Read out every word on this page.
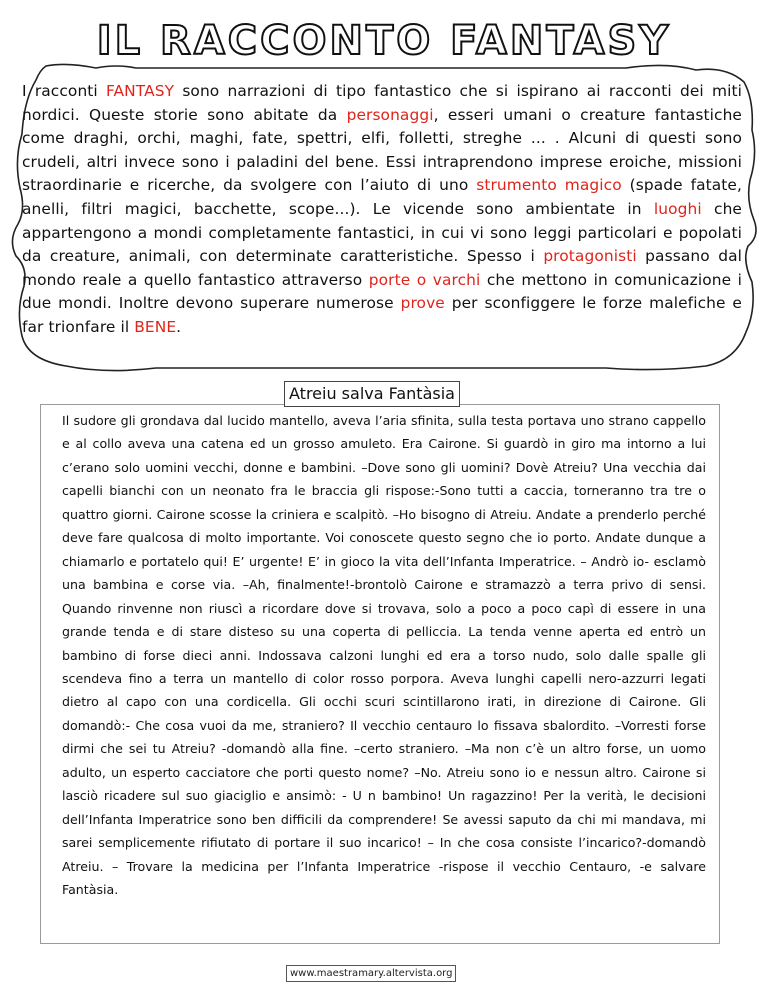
IL RACCONTO FANTASY

I racconti FANTASY sono narrazioni di tipo fantastico che si ispirano ai racconti dei miti nordici. Queste storie sono abitate da personaggi, esseri umani o creature fantastiche come draghi, orchi, maghi, fate, spettri, elfi, folletti, streghe ... . Alcuni di questi sono crudeli, altri invece sono i paladini del bene. Essi intraprendono imprese eroiche, missioni straordinarie e ricerche, da svolgere con l’aiuto di uno strumento magico (spade fatate, anelli, filtri magici, bacchette, scope...). Le vicende sono ambientate in luoghi che appartengono a mondi completamente fantastici, in cui vi sono leggi particolari e popolati da creature, animali, con determinate caratteristiche. Spesso i protagonisti passano dal mondo reale a quello fantastico attraverso porte o varchi che mettono in comunicazione i due mondi. Inoltre devono superare numerose prove per sconfiggere le forze malefiche e far trionfare il BENE.

Atreiu salva Fantàsia

Il sudore gli grondava dal lucido mantello, aveva l’aria sfinita, sulla testa portava uno strano cappello e al collo aveva una catena ed un grosso amuleto. Era Cairone. Si guardò in giro ma intorno a lui c’erano solo uomini vecchi, donne e bambini. –Dove sono gli uomini? Dovè Atreiu? Una vecchia dai capelli bianchi con un neonato fra le braccia gli rispose:-Sono tutti a caccia, torneranno tra tre o quattro giorni. Cairone scosse la criniera e scalpitò. –Ho bisogno di Atreiu. Andate a prenderlo perché deve fare qualcosa di molto importante. Voi conoscete questo segno che io porto. Andate dunque a chiamarlo e portatelo qui! E’ urgente! E’ in gioco la vita dell’Infanta Imperatrice. – Andrò io- esclamò una bambina e corse via. –Ah, finalmente!-brontolò Cairone e stramazzò a terra privo di sensi. Quando rinvenne non riuscì a ricordare dove si trovava, solo a poco a poco capì di essere in una grande tenda e di stare disteso su una coperta di pelliccia. La tenda venne aperta ed entrò un bambino di forse dieci anni. Indossava calzoni lunghi ed era a torso nudo, solo dalle spalle gli scendeva fino a terra un mantello di color rosso porpora. Aveva lunghi capelli nero-azzurri legati dietro al capo con una cordicella. Gli occhi scuri scintillarono irati, in direzione di Cairone. Gli domandò:- Che cosa vuoi da me, straniero? Il vecchio centauro lo fissava sbalordito. –Vorresti forse dirmi che sei tu Atreiu? -domandò alla fine. –certo straniero. –Ma non c’è un altro forse, un uomo adulto, un esperto cacciatore che porti questo nome? –No. Atreiu sono io e nessun altro. Cairone si lasciò ricadere sul suo giaciglio e ansimò: - U n bambino! Un ragazzino! Per la verità, le decisioni dell’Infanta Imperatrice sono ben difficili da comprendere! Se avessi saputo da chi mi mandava, mi sarei semplicemente rifiutato di portare il suo incarico! – In che cosa consiste l’incarico?-domandò Atreiu. – Trovare la medicina per l’Infanta Imperatrice -rispose il vecchio Centauro, -e salvare Fantàsia.

www.maestramary.altervista.org
